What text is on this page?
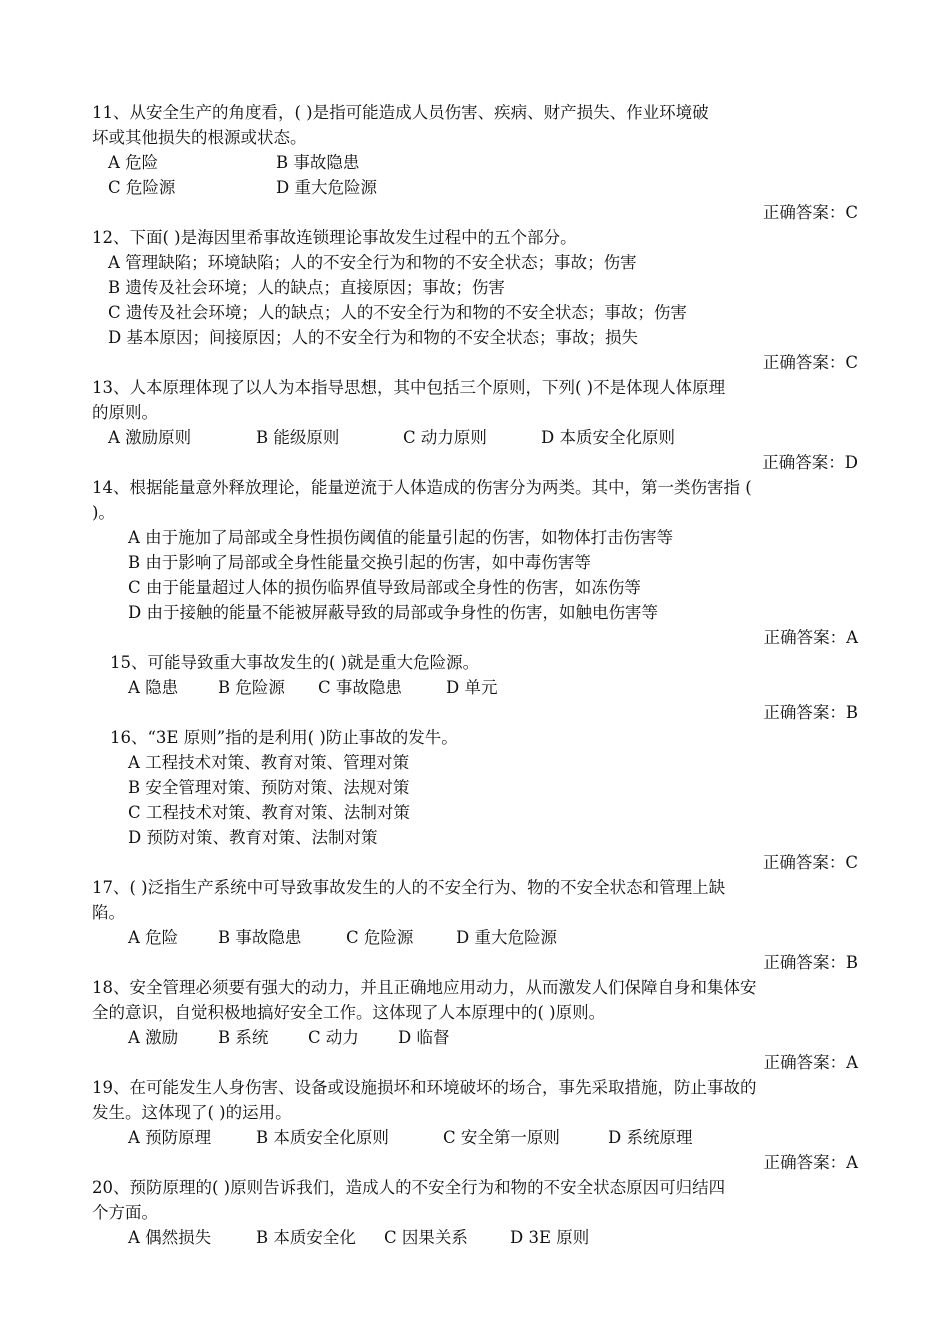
11、从安全生产的角度看，( )是指可能造成人员伤害、疾病、财产损失、作业环境破
坏或其他损失的根源或状态。
A 危险	B 事故隐患
C 危险源	D 重大危险源
正确答案：C
12、下面( )是海因里希事故连锁理论事故发生过程中的五个部分。
A 管理缺陷；环境缺陷；人的不安全行为和物的不安全状态；事故；伤害
B 遗传及社会环境；人的缺点；直接原因；事故；伤害
C 遗传及社会环境；人的缺点；人的不安全行为和物的不安全状态；事故；伤害
D 基本原因；间接原因；人的不安全行为和物的不安全状态；事故；损失
正确答案：C
13、人本原理体现了以人为本指导思想，其中包括三个原则，下列( )不是体现人体原理
的原则。
A 激励原则	B 能级原则	C 动力原则	D 本质安全化原则
正确答案：D
14、根据能量意外释放理论，能量逆流于人体造成的伤害分为两类。其中，第一类伤害指 (
)。
A 由于施加了局部或全身性损伤阈值的能量引起的伤害，如物体打击伤害等
B 由于影响了局部或全身性能量交换引起的伤害，如中毒伤害等
C 由于能量超过人体的损伤临界值导致局部或全身性的伤害，如冻伤等
D 由于接触的能量不能被屏蔽导致的局部或争身性的伤害，如触电伤害等
正确答案：A
15、可能导致重大事故发生的( )就是重大危险源。
A 隐患 B 危险源 C 事故隐患	D 单元
正确答案：B
16、“3E 原则”指的是利用( )防止事故的发牛。
A 工程技术对策、教育对策、管理对策
B 安全管理对策、预防对策、法规对策
C 工程技术对策、教育对策、法制对策
D 预防对策、教育对策、法制对策
正确答案：C
17、( )泛指生产系统中可导致事故发生的人的不安全行为、物的不安全状态和管理上缺
陷。
A 危险 B 事故隐患	C 危险源	D 重大危险源
正确答案：B
18、安全管理必须要有强大的动力，并且正确地应用动力，从而激发人们保障自身和集体安
全的意识，自觉积极地搞好安全工作。这体现了人本原理中的( )原则。
A 激励 B 系统 C 动力 D 临督
正确答案：A
19、在可能发生人身伤害、设备或设施损坏和环境破坏的场合，事先采取措施，防止事故的
发生。这体现了( )的运用。
A 预防原理	B 本质安全化原则	C 安全第一原则	D 系统原理
正确答案：A
20、预防原理的( )原则告诉我们，造成人的不安全行为和物的不安全状态原因可归结四
个方面。
A 偶然损失	B 本质安全化 C 因果关系	D 3E 原则
